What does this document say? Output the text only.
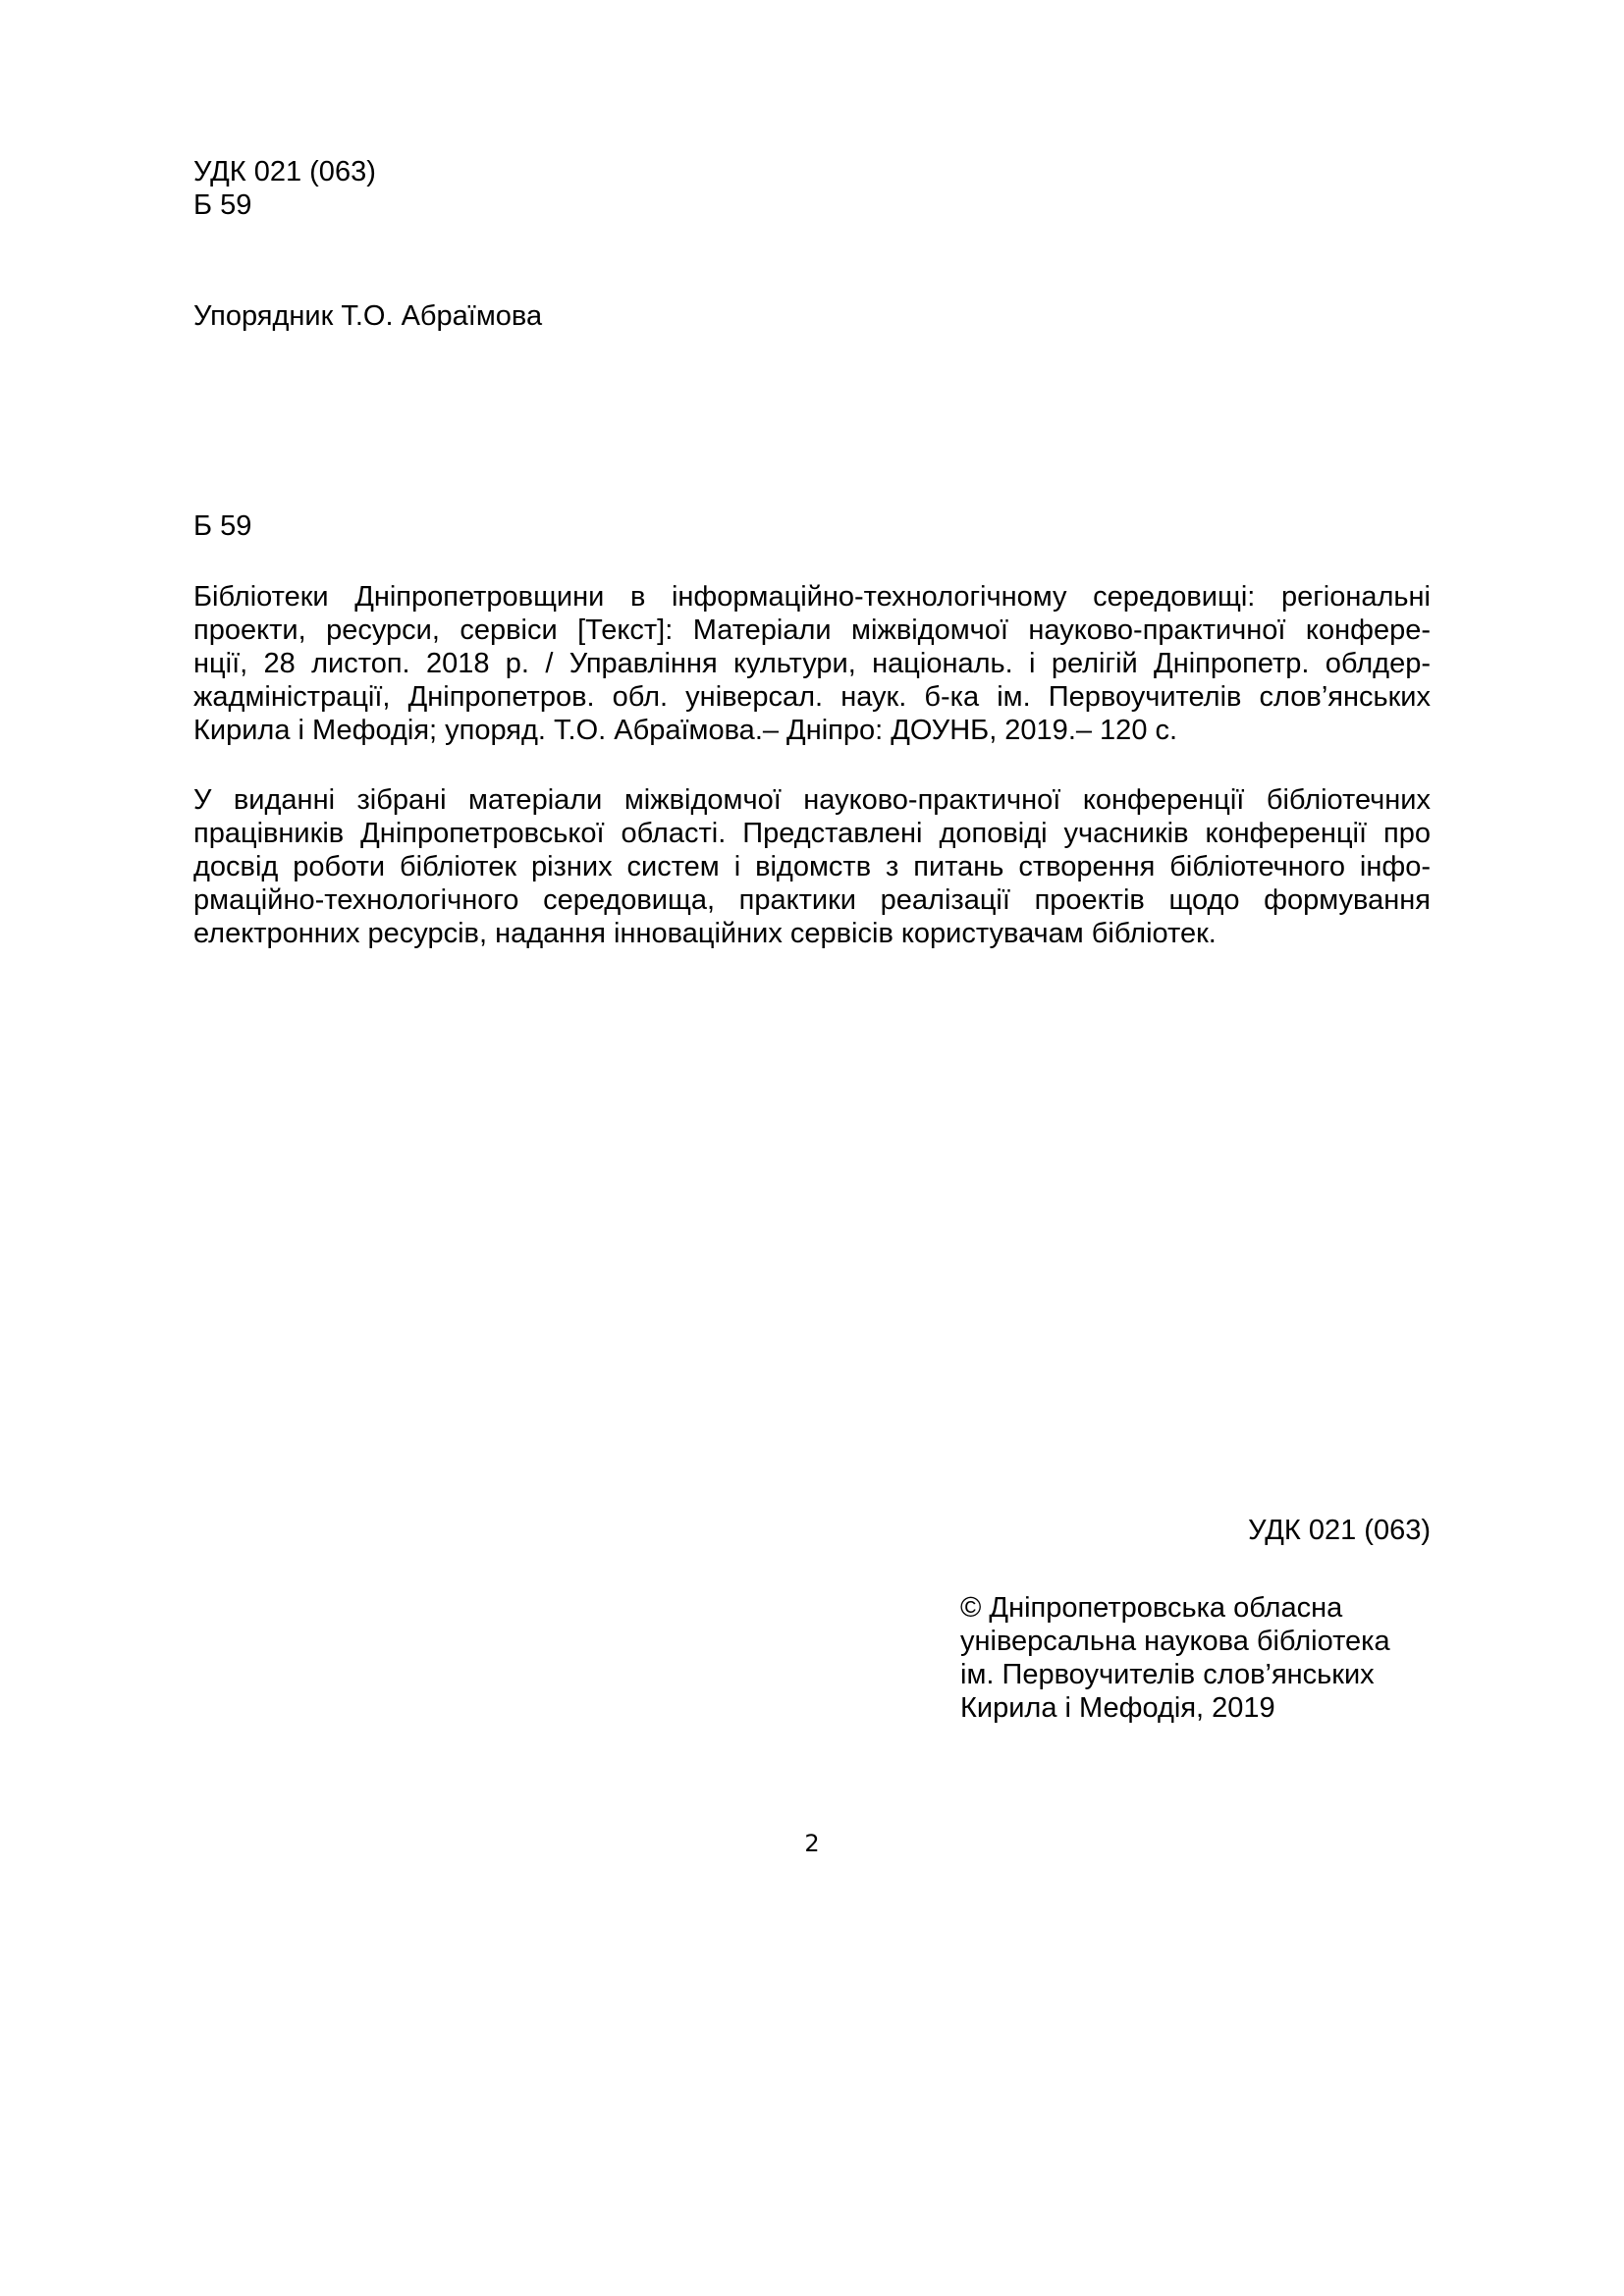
УДК 021 (063)
Б 59
Упорядник Т.О. Абраїмова
Б 59
Бібліотеки Дніпропетровщини в інформаційно-технологічному середовищі: регіональні
проекти, ресурси, сервіси [Текст]: Матеріали міжвідомчої науково-практичної конфере-
нції, 28 листоп. 2018 р. / Управління культури, національ. і релігій Дніпропетр. облдер-
жадміністрації, Дніпропетров. обл. універсал. наук. б-ка ім. Первоучителів слов’янських
Кирила і Мефодія; упоряд. Т.О. Абраїмова.– Дніпро: ДОУНБ, 2019.– 120 с.
У виданні зібрані матеріали міжвідомчої науково-практичної конференції бібліотечних
працівників Дніпропетровської області. Представлені доповіді учасників конференції про
досвід роботи бібліотек різних систем і відомств з питань створення бібліотечного інфо-
рмаційно-технологічного середовища, практики реалізації проектів щодо формування
електронних ресурсів, надання інноваційних сервісів користувачам бібліотек.
УДК 021 (063)
© Дніпропетровська обласна
універсальна наукова бібліотека
ім. Первоучителів слов’янських
Кирила і Мефодія, 2019
2
